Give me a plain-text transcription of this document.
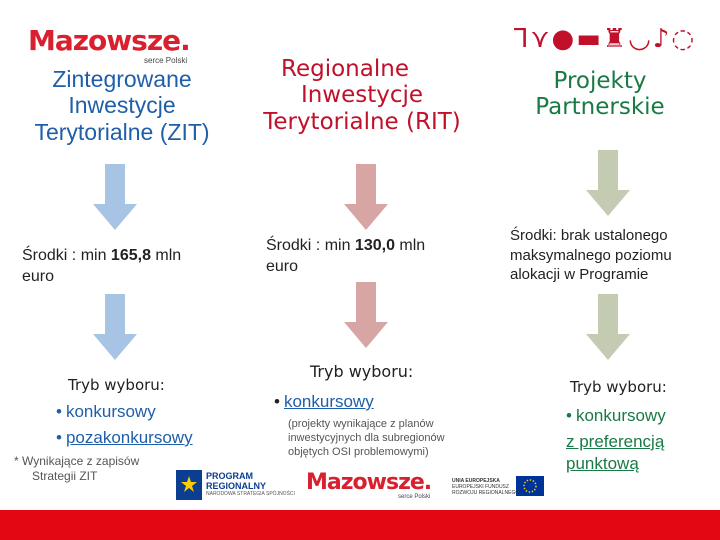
Mazowsze.
serce Polski
ꓶ⋎●▬♜◡♪◌
Zintegrowane
Inwestycje
Terytorialne (ZIT)
Środki : min 165,8 mln
euro
Tryb wyboru:
• konkursowy
• pozakonkursowy
* Wynikające z zapisów
Strategii ZIT
Regionalne
Inwestycje
Terytorialne (RIT)
Środki : min 130,0 mln
euro
Tryb wyboru:
• konkursowy
(projekty wynikające z planów
inwestycyjnych dla subregionów
objętych OSI problemowymi)
Projekty
Partnerskie
Środki: brak ustalonego
maksymalnego poziomu
alokacji w Programie
Tryb wyboru:
• konkursowy
z preferencją
punktową
PROGRAM
REGIONALNY
NARODOWA STRATEGIA SPÓJNOŚCI Mazowsze.
serce Polski
UNIA EUROPEJSKA
EUROPEJSKI FUNDUSZ
ROZWOJU REGIONALNEGO
